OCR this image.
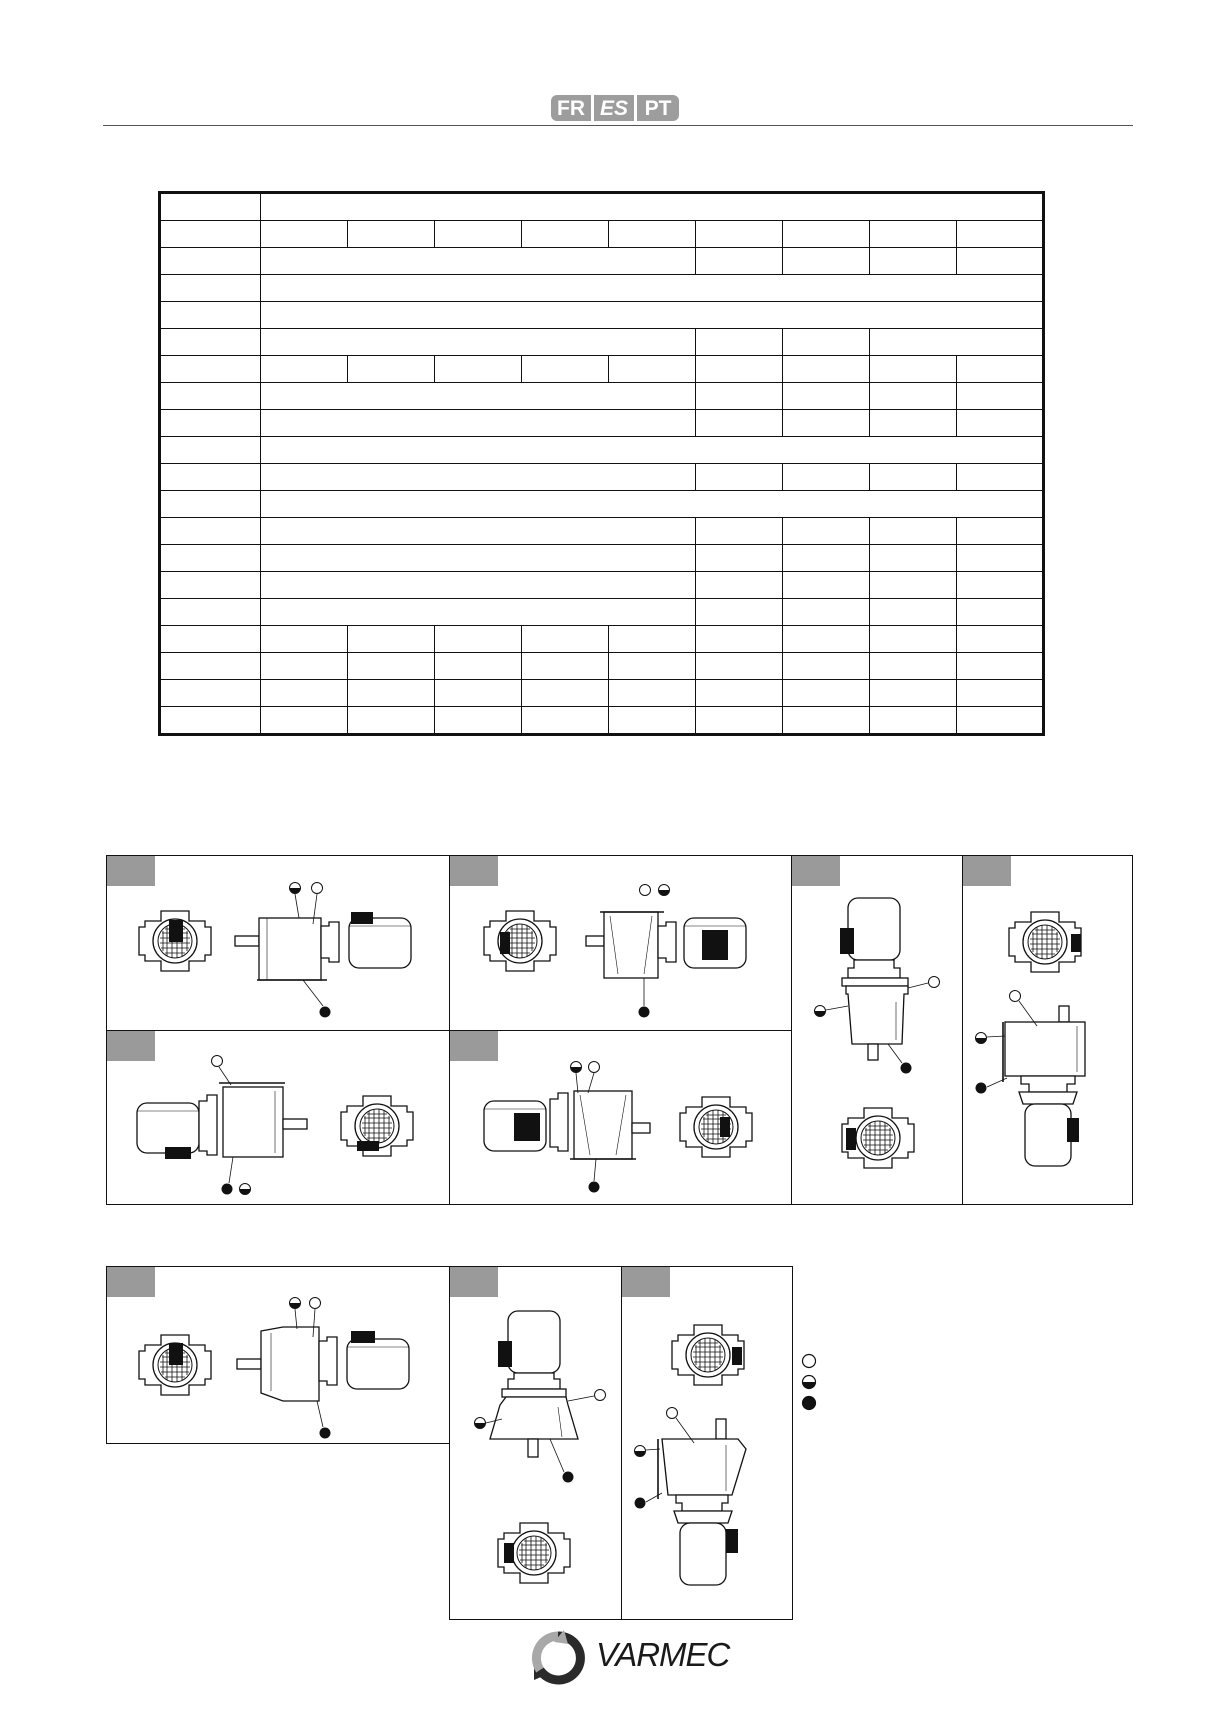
FR ES PT

VARMEC
